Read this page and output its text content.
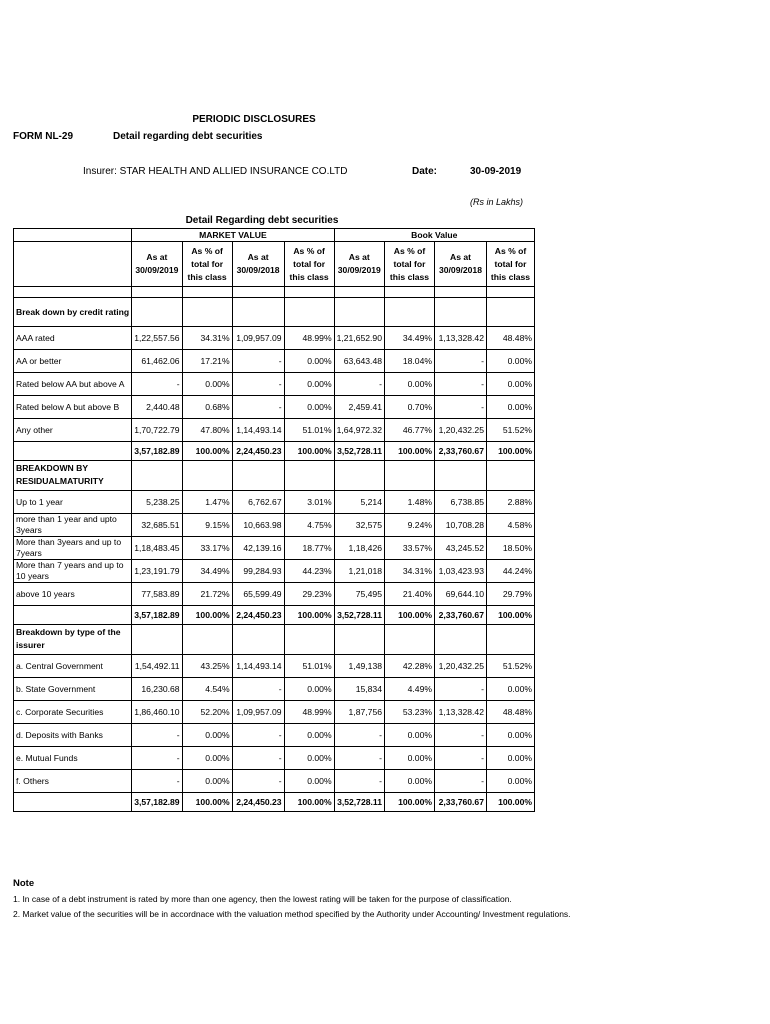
PERIODIC DISCLOSURES
FORM NL-29	Detail regarding debt securities
Insurer: STAR HEALTH AND ALLIED INSURANCE CO.LTD	Date:	30-09-2019
(Rs in Lakhs)
Detail Regarding debt securities
	MARKET VALUE				Book Value			
	As at 30/09/2019	As % of total for this class	As at 30/09/2018	As % of total for this class	As at 30/09/2019	As % of total for this class	As at 30/09/2018	As % of total for this class

Break down by credit rating								
AAA rated	1,22,557.56	34.31%	1,09,957.09	48.99%	1,21,652.90	34.49%	1,13,328.42	48.48%
AA or better	61,462.06	17.21%	-	0.00%	63,643.48	18.04%	-	0.00%
Rated below AA but above A	-	0.00%	-	0.00%	-	0.00%	-	0.00%
Rated below A but above B	2,440.48	0.68%	-	0.00%	2,459.41	0.70%	-	0.00%
Any other	1,70,722.79	47.80%	1,14,493.14	51.01%	1,64,972.32	46.77%	1,20,432.25	51.52%
	3,57,182.89	100.00%	2,24,450.23	100.00%	3,52,728.11	100.00%	2,33,760.67	100.00%
BREAKDOWN BY RESIDUALMATURITY								
Up to 1 year	5,238.25	1.47%	6,762.67	3.01%	5,214	1.48%	6,738.85	2.88%
more than 1 year and upto 3years	32,685.51	9.15%	10,663.98	4.75%	32,575	9.24%	10,708.28	4.58%
More than 3years and up to 7years	1,18,483.45	33.17%	42,139.16	18.77%	1,18,426	33.57%	43,245.52	18.50%
More than 7 years and up to 10 years	1,23,191.79	34.49%	99,284.93	44.23%	1,21,018	34.31%	1,03,423.93	44.24%
above 10 years	77,583.89	21.72%	65,599.49	29.23%	75,495	21.40%	69,644.10	29.79%
	3,57,182.89	100.00%	2,24,450.23	100.00%	3,52,728.11	100.00%	2,33,760.67	100.00%
Breakdown by type of the issurer								
a. Central Government	1,54,492.11	43.25%	1,14,493.14	51.01%	1,49,138	42.28%	1,20,432.25	51.52%
b. State Government	16,230.68	4.54%	-	0.00%	15,834	4.49%	-	0.00%
c. Corporate Securities	1,86,460.10	52.20%	1,09,957.09	48.99%	1,87,756	53.23%	1,13,328.42	48.48%
d. Deposits with Banks	-	0.00%	-	0.00%	-	0.00%	-	0.00%
e. Mutual Funds	-	0.00%	-	0.00%	-	0.00%	-	0.00%
f. Others	-	0.00%	-	0.00%	-	0.00%	-	0.00%
	3,57,182.89	100.00%	2,24,450.23	100.00%	3,52,728.11	100.00%	2,33,760.67	100.00%
Note
1. In case of a debt instrument is rated by more than one agency, then the lowest rating will be taken for the purpose of classification.
2. Market value of the securities will be in accordnace with the valuation method specified by the Authority under Accounting/ Investment regulations.
